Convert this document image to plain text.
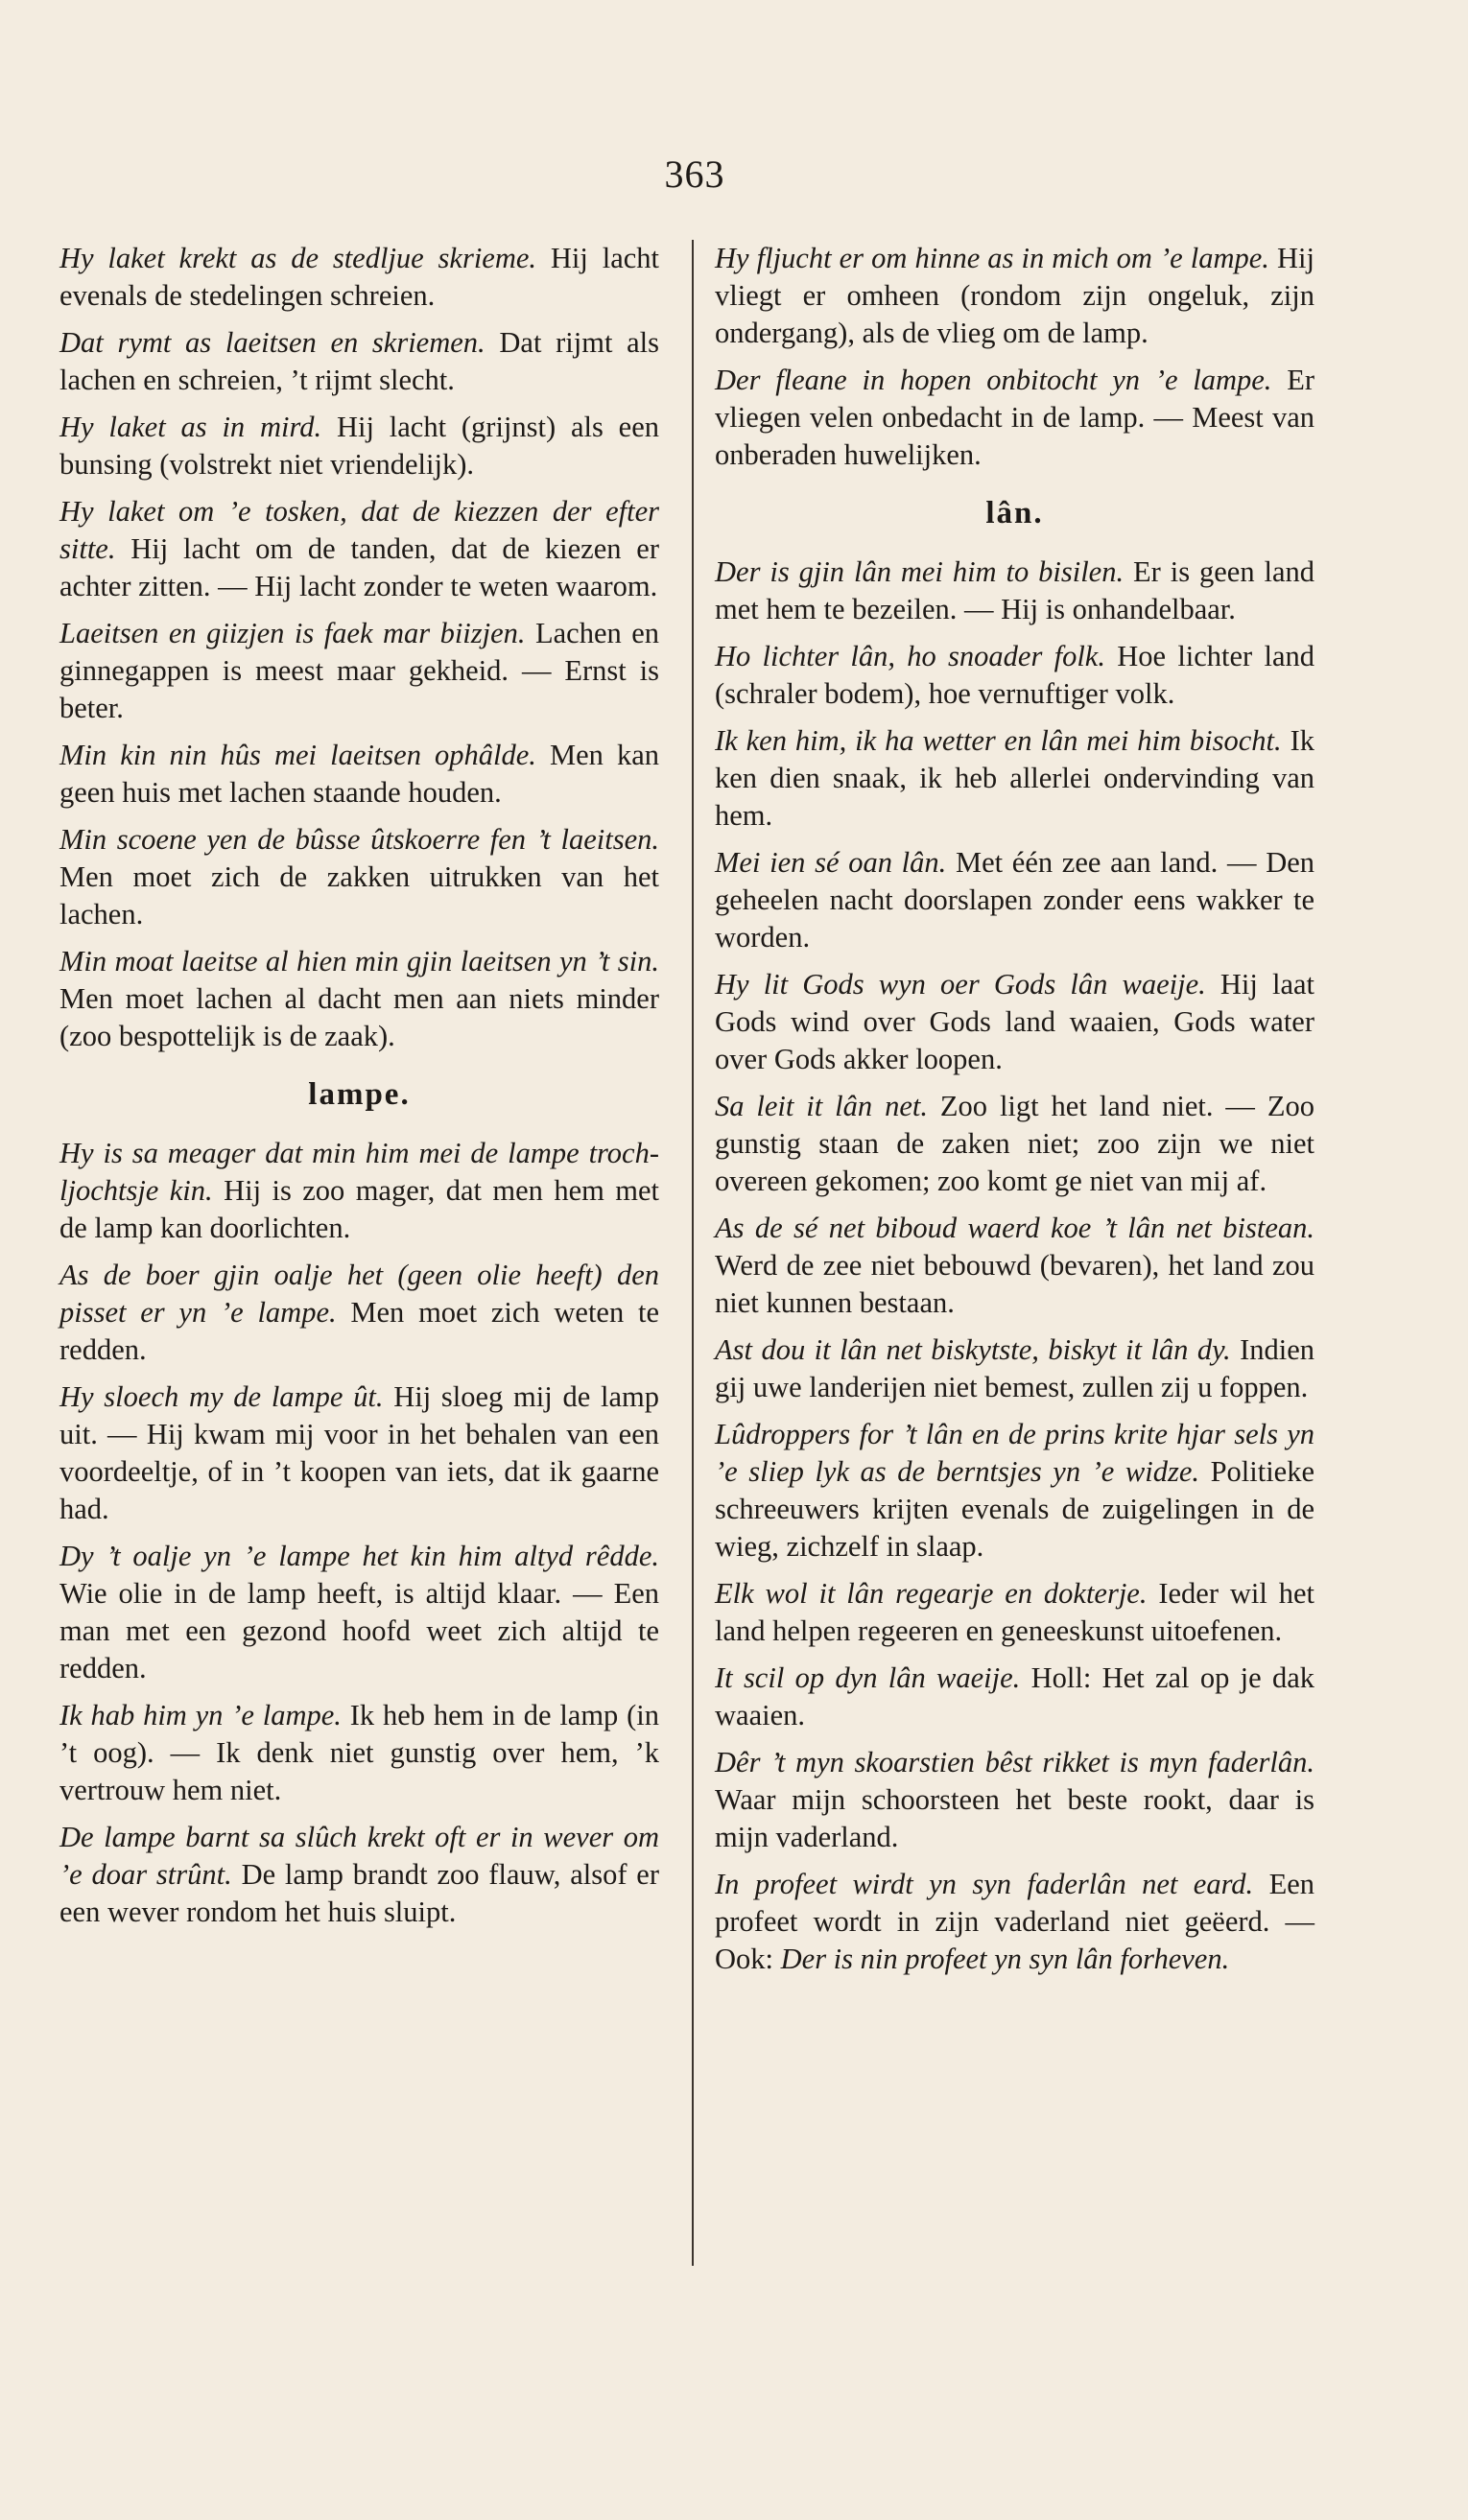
363

Hy laket krekt as de stedljue skrieme. Hij lacht evenals de stedelingen schreien.

Dat rymt as laeitsen en skriemen. Dat rijmt als lachen en schreien, ’t rijmt slecht.

Hy laket as in mird. Hij lacht (grijnst) als een bunsing (volstrekt niet vriendelijk).

Hy laket om ’e tosken, dat de kiezzen der efter sitte. Hij lacht om de tanden, dat de kiezen er achter zitten. — Hij lacht zonder te weten waarom.

Laeitsen en giizjen is faek mar biizjen. Lachen en ginnegappen is meest maar gekheid. — Ernst is beter.

Min kin nin hûs mei laeitsen ophâlde. Men kan geen huis met lachen staande houden.

Min scoene yen de bûsse ûtskoerre fen ’t laeitsen. Men moet zich de zakken uitrukken van het lachen.

Min moat laeitse al hien min gjin laeitsen yn ’t sin. Men moet lachen al dacht men aan niets minder (zoo bespottelijk is de zaak).

lampe.

Hy is sa meager dat min him mei de lampe troch-ljochtsje kin. Hij is zoo mager, dat men hem met de lamp kan doorlichten.

As de boer gjin oalje het (geen olie heeft) den pisset er yn ’e lampe. Men moet zich weten te redden.

Hy sloech my de lampe ût. Hij sloeg mij de lamp uit. — Hij kwam mij voor in het behalen van een voordeeltje, of in ’t koopen van iets, dat ik gaarne had.

Dy ’t oalje yn ’e lampe het kin him altyd rêdde. Wie olie in de lamp heeft, is altijd klaar. — Een man met een gezond hoofd weet zich altijd te redden.

Ik hab him yn ’e lampe. Ik heb hem in de lamp (in ’t oog). — Ik denk niet gunstig over hem, ’k vertrouw hem niet.

De lampe barnt sa slûch krekt oft er in wever om ’e doar strûnt. De lamp brandt zoo flauw, alsof er een wever rondom het huis sluipt.

Hy fljucht er om hinne as in mich om ’e lampe. Hij vliegt er omheen (rondom zijn ongeluk, zijn ondergang), als de vlieg om de lamp.

Der fleane in hopen onbitocht yn ’e lampe. Er vliegen velen onbedacht in de lamp. — Meest van onberaden huwelijken.

lân.

Der is gjin lân mei him to bisilen. Er is geen land met hem te bezeilen. — Hij is onhandelbaar.

Ho lichter lân, ho snoader folk. Hoe lichter land (schraler bodem), hoe vernuftiger volk.

Ik ken him, ik ha wetter en lân mei him bisocht. Ik ken dien snaak, ik heb allerlei ondervinding van hem.

Mei ien sé oan lân. Met één zee aan land. — Den geheelen nacht doorslapen zonder eens wakker te worden.

Hy lit Gods wyn oer Gods lân waeije. Hij laat Gods wind over Gods land waaien, Gods water over Gods akker loopen.

Sa leit it lân net. Zoo ligt het land niet. — Zoo gunstig staan de zaken niet; zoo zijn we niet overeen gekomen; zoo komt ge niet van mij af.

As de sé net biboud waerd koe ’t lân net bistean. Werd de zee niet bebouwd (bevaren), het land zou niet kunnen bestaan.

Ast dou it lân net biskytste, biskyt it lân dy. Indien gij uwe landerijen niet bemest, zullen zij u foppen.

Lûdroppers for ’t lân en de prins krite hjar sels yn ’e sliep lyk as de berntsjes yn ’e widze. Politieke schreeuwers krijten evenals de zuigelingen in de wieg, zichzelf in slaap.

Elk wol it lân regearje en dokterje. Ieder wil het land helpen regeeren en geneeskunst uitoefenen.

It scil op dyn lân waeije. Holl: Het zal op je dak waaien.

Dêr ’t myn skoarstien bêst rikket is myn faderlân. Waar mijn schoorsteen het beste rookt, daar is mijn vaderland.

In profeet wirdt yn syn faderlân net eard. Een profeet wordt in zijn vaderland niet geëerd. — Ook: Der is nin profeet yn syn lân forheven.
